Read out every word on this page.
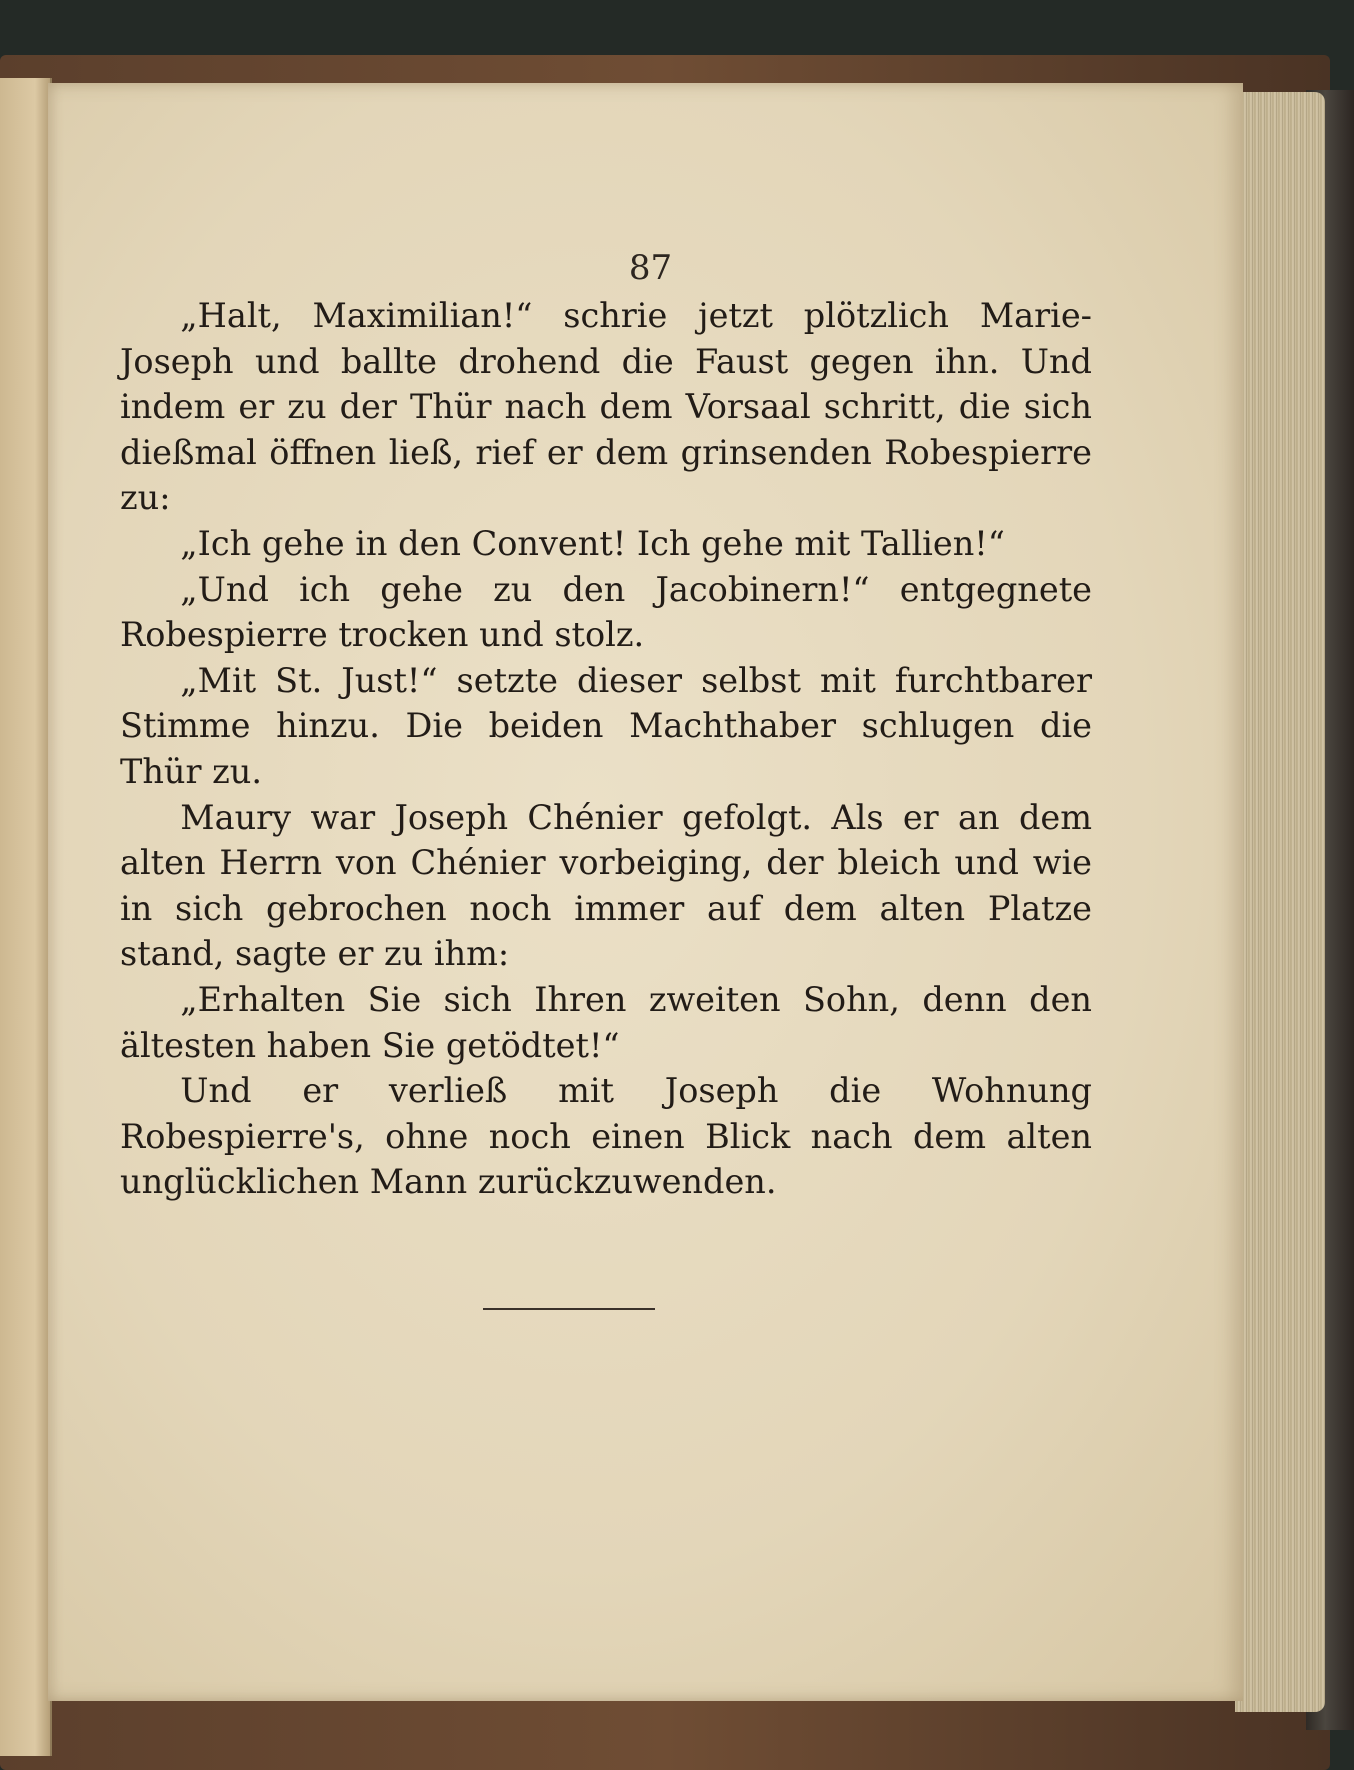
87

„Halt, Maximilian!“ schrie jetzt plötzlich Marie-Joseph und ballte drohend die Faust gegen ihn. Und indem er zu der Thür nach dem Vorsaal schritt, die sich dießmal öffnen ließ, rief er dem grinsenden Robespierre zu:

„Ich gehe in den Convent! Ich gehe mit Tallien!“

„Und ich gehe zu den Jacobinern!“ entgegnete Robespierre trocken und stolz.

„Mit St. Just!“ setzte dieser selbst mit furchtbarer Stimme hinzu. Die beiden Machthaber schlugen die Thür zu.

Maury war Joseph Chénier gefolgt. Als er an dem alten Herrn von Chénier vorbeiging, der bleich und wie in sich gebrochen noch immer auf dem alten Platze stand, sagte er zu ihm:

„Erhalten Sie sich Ihren zweiten Sohn, denn den ältesten haben Sie getödtet!“

Und er verließ mit Joseph die Wohnung Robespierre's, ohne noch einen Blick nach dem alten unglücklichen Mann zurückzuwenden.
